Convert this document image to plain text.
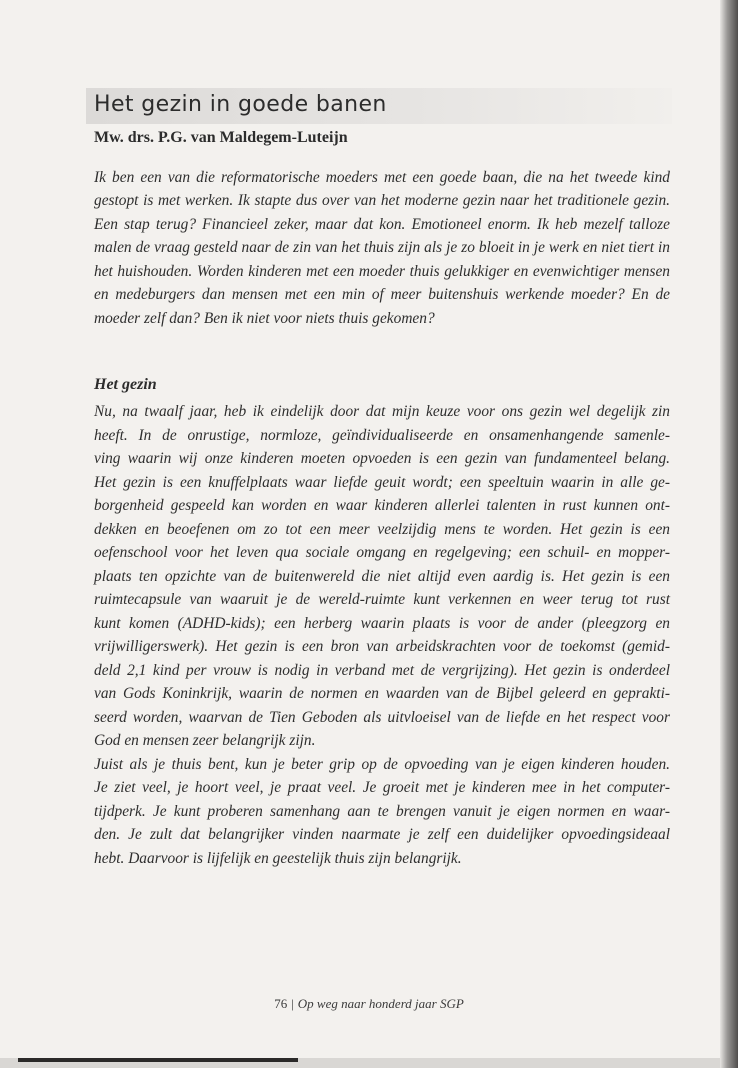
Het gezin in goede banen

Mw. drs. P.G. van Maldegem-Luteijn

Ik ben een van die reformatorische moeders met een goede baan, die na het tweede kind gestopt is met werken. Ik stapte dus over van het moderne gezin naar het traditionele gezin. Een stap terug? Financieel zeker, maar dat kon. Emotioneel enorm. Ik heb mezelf talloze malen de vraag gesteld naar de zin van het thuis zijn als je zo bloeit in je werk en niet tiert in het huishouden. Worden kinderen met een moeder thuis gelukkiger en evenwichtiger mensen en medeburgers dan mensen met een min of meer buitenshuis werkende moeder? En de moeder zelf dan? Ben ik niet voor niets thuis gekomen?

Het gezin
Nu, na twaalf jaar, heb ik eindelijk door dat mijn keuze voor ons gezin wel degelijk zin
heeft. In de onrustige, normloze, geïndividualiseerde en onsamenhangende samenle-
ving waarin wij onze kinderen moeten opvoeden is een gezin van fundamenteel belang.
Het gezin is een knuffelplaats waar liefde geuit wordt; een speeltuin waarin in alle ge-
borgenheid gespeeld kan worden en waar kinderen allerlei talenten in rust kunnen ont-
dekken en beoefenen om zo tot een meer veelzijdig mens te worden. Het gezin is een
oefenschool voor het leven qua sociale omgang en regelgeving; een schuil- en mopper-
plaats ten opzichte van de buitenwereld die niet altijd even aardig is. Het gezin is een
ruimtecapsule van waaruit je de wereld-ruimte kunt verkennen en weer terug tot rust
kunt komen (ADHD-kids); een herberg waarin plaats is voor de ander (pleegzorg en
vrijwilligerswerk). Het gezin is een bron van arbeidskrachten voor de toekomst (gemid-
deld 2,1 kind per vrouw is nodig in verband met de vergrijzing). Het gezin is onderdeel
van Gods Koninkrijk, waarin de normen en waarden van de Bijbel geleerd en geprakti-
seerd worden, waarvan de Tien Geboden als uitvloeisel van de liefde en het respect voor
God en mensen zeer belangrijk zijn.
Juist als je thuis bent, kun je beter grip op de opvoeding van je eigen kinderen houden.
Je ziet veel, je hoort veel, je praat veel. Je groeit met je kinderen mee in het computer-
tijdperk. Je kunt proberen samenhang aan te brengen vanuit je eigen normen en waar-
den. Je zult dat belangrijker vinden naarmate je zelf een duidelijker opvoedingsideaal
hebt. Daarvoor is lijfelijk en geestelijk thuis zijn belangrijk.

76 | Op weg naar honderd jaar SGP
